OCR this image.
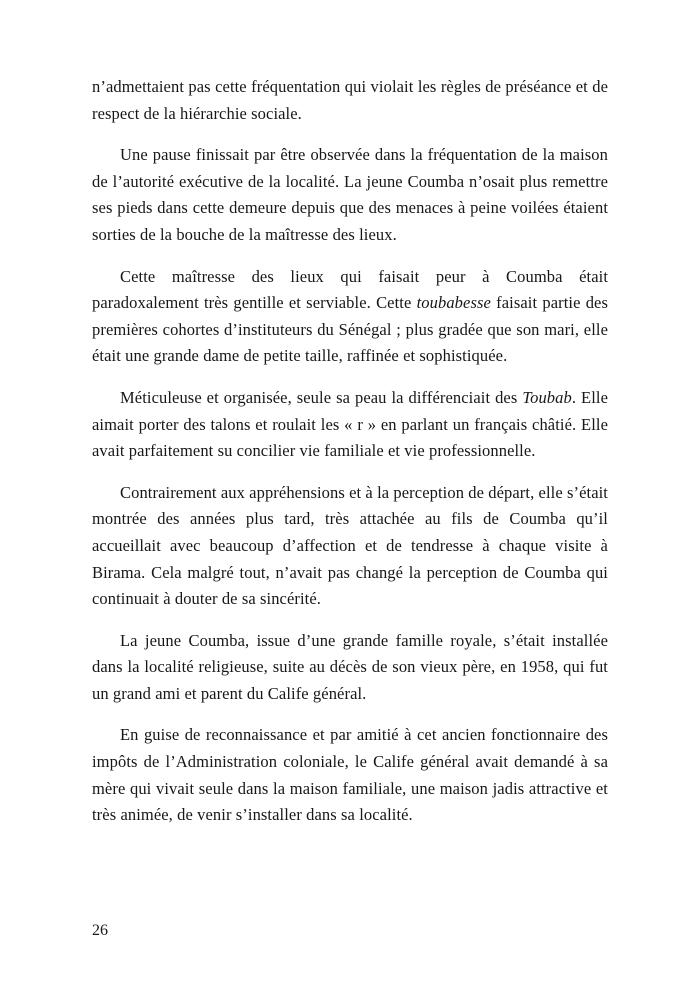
n’admettaient pas cette fréquentation qui violait les règles de préséance et de respect de la hiérarchie sociale.

Une pause finissait par être observée dans la fréquentation de la maison de l’autorité exécutive de la localité. La jeune Coumba n’osait plus remettre ses pieds dans cette demeure depuis que des menaces à peine voilées étaient sorties de la bouche de la maîtresse des lieux.

Cette maîtresse des lieux qui faisait peur à Coumba était paradoxalement très gentille et serviable. Cette toubabesse faisait partie des premières cohortes d’instituteurs du Sénégal ; plus gradée que son mari, elle était une grande dame de petite taille, raffinée et sophistiquée.

Méticuleuse et organisée, seule sa peau la différenciait des Toubab. Elle aimait porter des talons et roulait les « r » en parlant un français châtié. Elle avait parfaitement su concilier vie familiale et vie professionnelle.

Contrairement aux appréhensions et à la perception de départ, elle s’était montrée des années plus tard, très attachée au fils de Coumba qu’il accueillait avec beaucoup d’affection et de tendresse à chaque visite à Birama. Cela malgré tout, n’avait pas changé la perception de Coumba qui continuait à douter de sa sincérité.

La jeune Coumba, issue d’une grande famille royale, s’était installée dans la localité religieuse, suite au décès de son vieux père, en 1958, qui fut un grand ami et parent du Calife général.

En guise de reconnaissance et par amitié à cet ancien fonctionnaire des impôts de l’Administration coloniale, le Calife général avait demandé à sa mère qui vivait seule dans la maison familiale, une maison jadis attractive et très animée, de venir s’installer dans sa localité.

26
